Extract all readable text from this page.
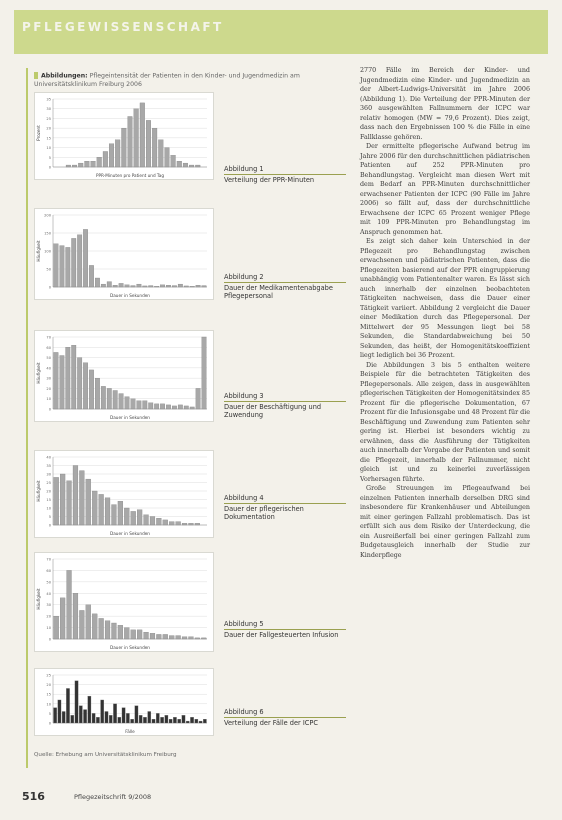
PFLEGEWISSENSCHAFT
Abbildungen: Pflegeintensität der Patienten in den Kinder- und Jugendmedizin am Universitätsklinikum Freiburg 2006
0
5
10
15
20
25
30
35
PPR-Minuten pro Patient und Tag
Prozent
Abbildung 1
Verteilung der PPR-Minuten
0
50
100
150
200
Dauer in Sekunden
Häufigkeit
Abbildung 2
Dauer der Medikamentenabgabe Pflegepersonal
0
10
20
30
40
50
60
70
Dauer in Sekunden
Häufigkeit
Abbildung 3
Dauer der Beschäftigung und Zuwendung
0
5
10
15
20
25
30
35
40
Dauer in Sekunden
Häufigkeit	Abbildung 4
Dauer der pflegerischen Dokumentation
0
10
20
30
40
50
60
70
Dauer in Sekunden
Häufigkeit
Abbildung 5
Dauer der Fallgesteuerten Infusion
0
5
10
15
20
25
Fälle
Abbildung 6
Verteilung der Fälle der ICPC
Quelle: Erhebung am Universitätsklinikum Freiburg

2770 Fälle im Bereich der Kinder- und Jugendmedizin eine Kinder- und Jugendmedizin an der Albert-Ludwigs-Universität im Jahre 2006 (Abbildung 1). Die Verteilung der PPR-Minuten der 360 ausgewählten Fallnummern der ICPC war relativ homogen (MW = 79,6 Prozent). Dies zeigt, dass nach den Ergebnissen 100 % die Fälle in eine Fallklasse gehören.

Der ermittelte pflegerische Aufwand betrug im Jahre 2006 für den durchschnittlichen pädiatrischen Patienten auf 252 PPR-Minuten pro Behandlungstag. Vergleicht man diesen Wert mit dem Bedarf an PPR-Minuten durchschnittlicher erwachsener Patienten der ICPC (90 Fälle im Jahre 2006) so fällt auf, dass der durchschnittliche Erwachsene der ICPC 65 Prozent weniger Pflege mit 109 PPR-Minuten pro Behandlungstag im Anspruch genommen hat.

Es zeigt sich daher kein Unterschied in der Pflegezeit pro Behandlungstag zwischen erwachsenen und pädiatrischen Patienten, dass die Pflegezeiten basierend auf der PPR eingruppierung unabhängig vom Patientenalter waren. Es lässt sich auch innerhalb der einzelnen beobachteten Tätigkeiten nachweisen, dass die Dauer einer Tätigkeit variiert. Abbildung 2 vergleicht die Dauer einer Medikation durch das Pflegepersonal. Der Mittelwert der 95 Messungen liegt bei 58 Sekunden, die Standardabweichung bei 50 Sekunden, das heißt, der Homogenitätskoeffizient liegt lediglich bei 36 Prozent.

Die Abbildungen 3 bis 5 enthalten weitere Beispiele für die betrachteten Tätigkeiten des Pflegepersonals. Alle zeigen, dass in ausgewählten pflegerischen Tätigkeiten der Homogenitätsindex 85 Prozent für die pflegerische Dokumentation, 67 Prozent für die Infusionsgabe und 48 Prozent für die Beschäftigung und Zuwendung zum Patienten sehr gering ist. Hierbei ist besonders wichtig zu erwähnen, dass die Ausführung der Tätigkeiten auch innerhalb der Vorgabe der Patienten und somit die Pflegezeit, innerhalb der Fallnummer, nicht gleich ist und zu keinerlei zuverlässigen Vorhersagen führte.

Große Streuungen im Pflegeaufwand bei einzelnen Patienten innerhalb derselben DRG sind insbesondere für Krankenhäuser und Abteilungen mit einer geringen Fallzahl problematisch. Das ist erfüllt sich aus dem Risiko der Unterdeckung, die ein Ausreißerfall bei einer geringen Fallzahl zum Budgetausgleich innerhalb der Studie zur Kinderpflege

516	Pflegezeitschrift 9/2008
